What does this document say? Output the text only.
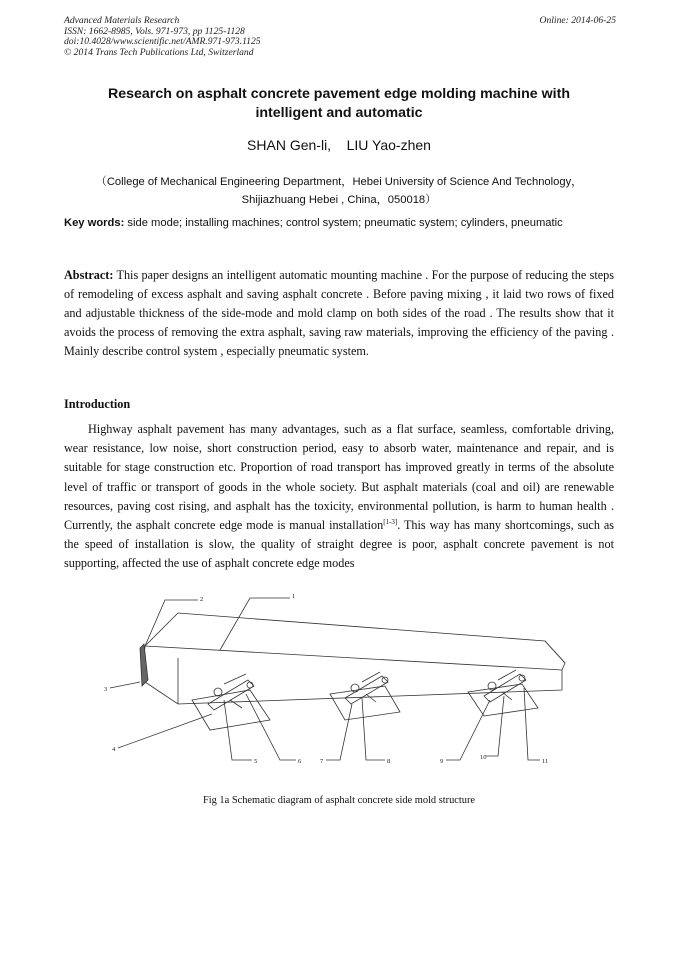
Advanced Materials Research
ISSN: 1662-8985, Vols. 971-973, pp 1125-1128
doi:10.4028/www.scientific.net/AMR.971-973.1125
© 2014 Trans Tech Publications Ltd, Switzerland
Online: 2014-06-25
Research on asphalt concrete pavement edge molding machine with
intelligent and automatic
SHAN Gen-li,    LIU Yao-zhen
（College of Mechanical Engineering Department，Hebei University of Science And Technology，
Shijiazhuang Hebei , China，050018）
Key words: side mode; installing machines; control system; pneumatic system; cylinders, pneumatic
Abstract: This paper designs an intelligent automatic mounting machine . For the purpose of reducing the steps of remodeling of excess asphalt and saving asphalt concrete . Before paving mixing , it laid two rows of fixed and adjustable thickness of the side-mode and mold clamp on both sides of the road . The results show that it avoids the process of removing the extra asphalt, saving raw materials, improving the efficiency of the paving . Mainly describe control system , especially pneumatic system.
Introduction
Highway asphalt pavement has many advantages, such as a flat surface, seamless, comfortable driving, wear resistance, low noise, short construction period, easy to absorb water, maintenance and repair, and is suitable for stage construction etc. Proportion of road transport has improved greatly in terms of the absolute level of traffic or transport of goods in the whole society. But asphalt materials (coal and oil) are renewable resources, paving cost rising, and asphalt has the toxicity, environmental pollution, is harm to human health . Currently, the asphalt concrete edge mode is manual installation[1-3]. This way has many shortcomings, such as the speed of installation is slow, the quality of straight degree is poor, asphalt concrete pavement is not supporting, affected the use of asphalt concrete edge modes
1
2
3
4
5	6	7	8	9
10
11
Fig 1a Schematic diagram of asphalt concrete side mold structure
